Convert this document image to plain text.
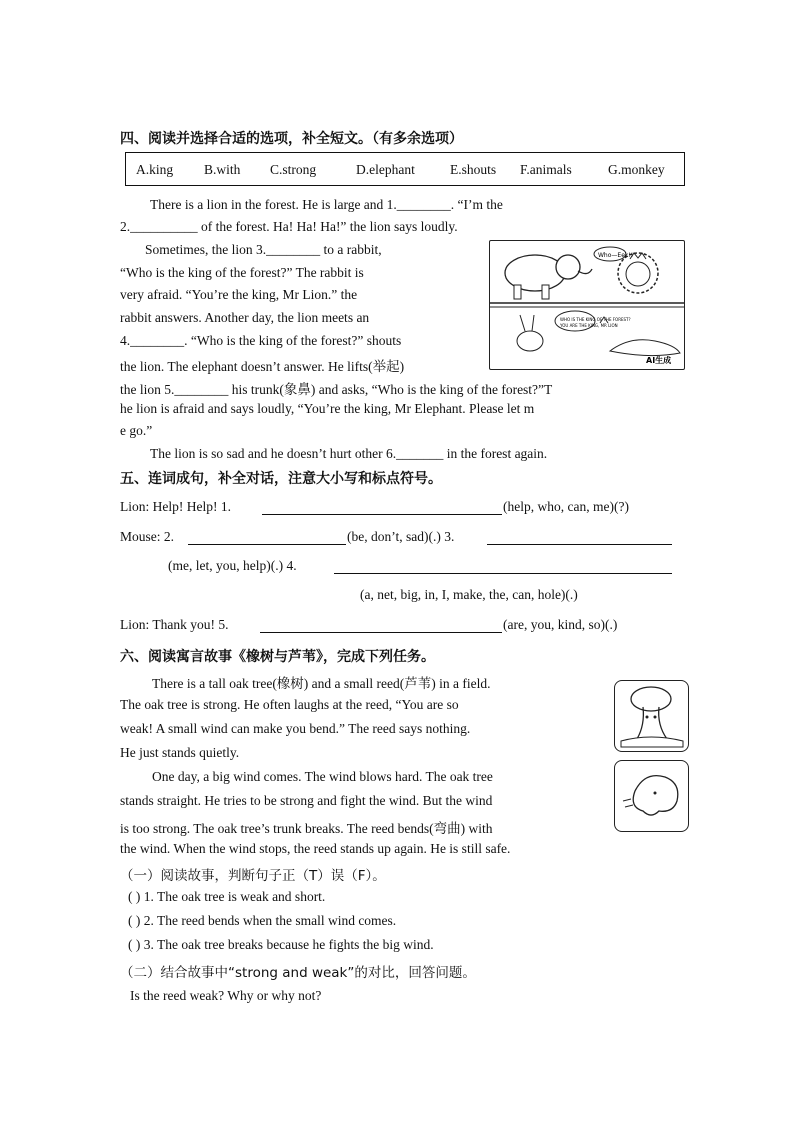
四、阅读并选择合适的选项，补全短文。（有多余选项）
A.king B.with C.strong	D.elephant	E.shouts F.animals	G.monkey
There is a lion in the forest. He is large and 1.________. “I’m the
2.__________ of the forest. Ha! Ha! Ha!” the lion says loudly.
Sometimes, the lion 3.________ to a rabbit,
“Who is the king of the forest?” The rabbit is
very afraid. “You’re the king, Mr Lion.” the
rabbit answers. Another day, the lion meets an
4.________. “Who is the king of the forest?” shouts
the lion. The elephant doesn’t answer. He lifts(举起)
the lion 5.________ his trunk(象鼻) and asks, “Who is the king of the forest?”T
he lion is afraid and says loudly, “You’re the king, Mr Elephant. Please let m
e go.”
The lion is so sad and he doesn’t hurt other 6._______ in the forest again.
Who—Eek!!
WHO IS THE KING OF THE FOREST?
YOU ARE THE KING, MR LION
AI生成
五、连词成句，补全对话，注意大小写和标点符号。
Lion: Help! Help! 1.	(help, who, can, me)(?)
Mouse: 2.	(be, don’t, sad)(.) 3.
(me, let, you, help)(.) 4.
(a, net, big, in, I, make, the, can, hole)(.)
Lion: Thank you! 5.	(are, you, kind, so)(.)
六、阅读寓言故事《橡树与芦苇》，完成下列任务。
There is a tall oak tree(橡树) and a small reed(芦苇) in a field.
The oak tree is strong. He often laughs at the reed, “You are so
weak! A small wind can make you bend.” The reed says nothing.
He just stands quietly.
One day, a big wind comes. The wind blows hard. The oak tree
stands straight. He tries to be strong and fight the wind. But the wind
is too strong. The oak tree’s trunk breaks. The reed bends(弯曲) with
the wind. When the wind stops, the reed stands up again. He is still safe.
（一）阅读故事，判断句子正（T）误（F）。
( ) 1. The oak tree is weak and short.
( ) 2. The reed bends when the small wind comes.
( ) 3. The oak tree breaks because he fights the big wind.
（二）结合故事中“strong and weak”的对比，回答问题。
Is the reed weak? Why or why not?
